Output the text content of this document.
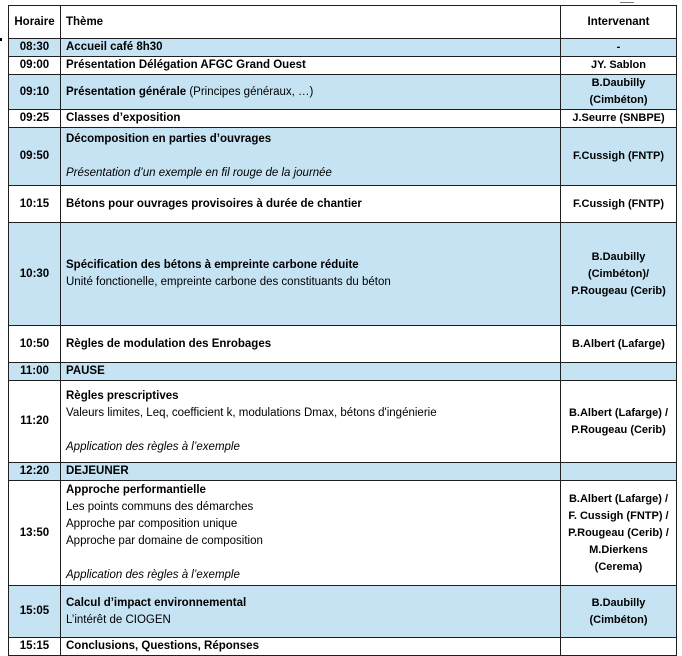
Horaire	Thème	Intervenant
08:30	Accueil café 8h30	-

09:00	Présentation Délégation AFGC Grand Ouest	JY. Sablon

09:10	Présentation générale (Principes généraux, …)	B.Daubilly
(Cimbéton)

09:25	Classes d’exposition	J.Seurre (SNBPE)

09:50	Décomposition en parties d’ouvrages
Présentation d’un exemple en fil rouge de la journée	F.Cussigh (FNTP)

10:15	Bétons pour ouvrages provisoires à durée de chantier	F.Cussigh (FNTP)

10:30	Spécification des bétons à empreinte carbone réduite
Unité fonctionelle, empreinte carbone des constituants du béton	B.Daubilly
(Cimbéton)/
P.Rougeau (Cerib)

10:50	Règles de modulation des Enrobages	B.Albert (Lafarge)

11:00	PAUSE	

11:20	Règles prescriptives
Valeurs limites, Leq, coefficient k, modulations Dmax, bétons d'ingénierie
Application des règles à l’exemple	B.Albert (Lafarge) /
P.Rougeau (Cerib)

12:20	DEJEUNER	

13:50	Approche performantielle
Les points communs des démarches
Approche par composition unique
Approche par domaine de composition
Application des règles à l’exemple	B.Albert (Lafarge) /
F. Cussigh (FNTP) /
P.Rougeau (Cerib) /
M.Dierkens
(Cerema)

15:05	Calcul d’impact environnemental
L’intérêt de CIOGEN	B.Daubilly
(Cimbéton)

15:15	Conclusions, Questions, Réponses	
